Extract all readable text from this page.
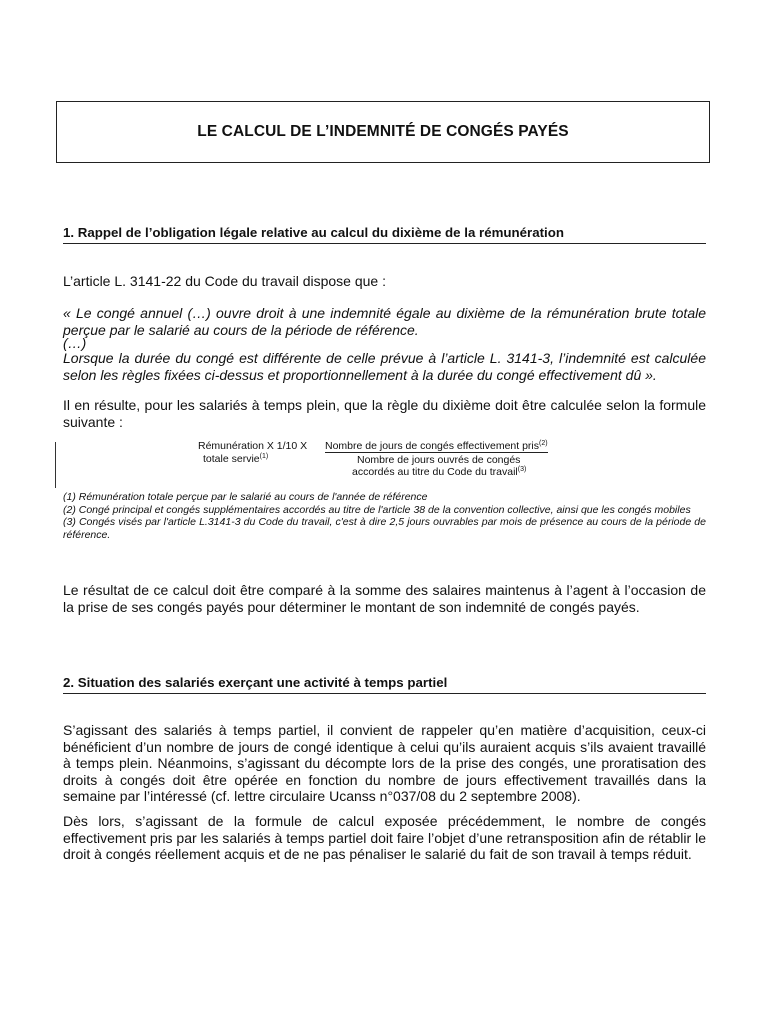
LE CALCUL DE L’INDEMNITÉ DE CONGÉS PAYÉS
1. Rappel de l’obligation légale relative au calcul du dixième de la rémunération

L’article L. 3141-22 du Code du travail dispose que :

« Le congé annuel (…) ouvre droit à une indemnité égale au dixième de la rémunération brute totale perçue par le salarié au cours de la période de référence.

(…)

Lorsque la durée du congé est différente de celle prévue à l’article L. 3141-3, l’indemnité est calculée selon les règles fixées ci-dessus et proportionnellement à la durée du congé effectivement dû ».

Il en résulte, pour les salariés à temps plein, que la règle du dixième doit être calculée selon la formule suivante :

Rémunération X 1/10 X
totale servie$^{(1)}$
Nombre de jours de congés effectivement pris$^{(2)}$
Nombre de jours ouvrés de congés
accordés au titre du Code du travail$^{(3)}$

(1) Rémunération totale perçue par le salarié au cours de l'année de référence

(2) Congé principal et congés supplémentaires accordés au titre de l'article 38 de la convention collective, ainsi que les congés mobiles

(3) Congés visés par l'article L.3141-3 du Code du travail, c'est à dire 2,5 jours ouvrables par mois de présence au cours de la période de référence.

Le résultat de ce calcul doit être comparé à la somme des salaires maintenus à l’agent à l’occasion de la prise de ses congés payés pour déterminer le montant de son indemnité de congés payés.

2. Situation des salariés exerçant une activité à temps partiel

S’agissant des salariés à temps partiel, il convient de rappeler qu’en matière d’acquisition, ceux-ci bénéficient d’un nombre de jours de congé identique à celui qu’ils auraient acquis s’ils avaient travaillé à temps plein. Néanmoins, s’agissant du décompte lors de la prise des congés, une proratisation des droits à congés doit être opérée en fonction du nombre de jours effectivement travaillés dans la semaine par l’intéressé (cf. lettre circulaire Ucanss n°037/08 du 2 septembre 2008).

Dès lors, s’agissant de la formule de calcul exposée précédemment, le nombre de congés effectivement pris par les salariés à temps partiel doit faire l’objet d’une retransposition afin de rétablir le droit à congés réellement acquis et de ne pas pénaliser le salarié du fait de son travail à temps réduit.
